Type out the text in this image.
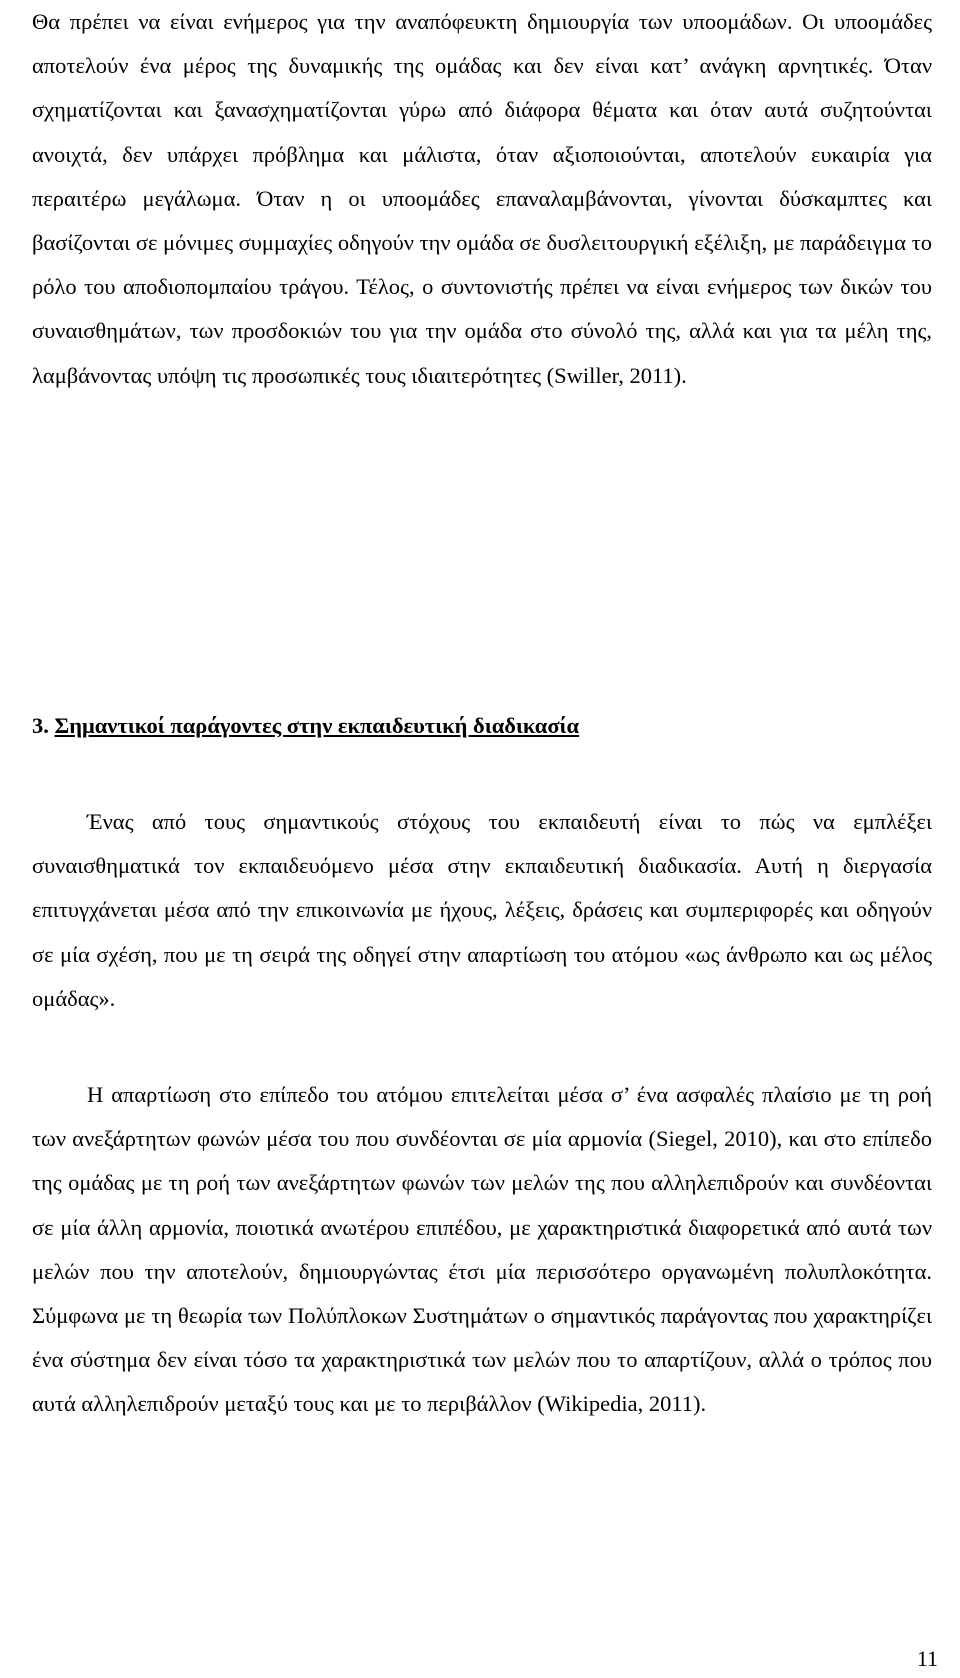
Θα πρέπει να είναι ενήμερος για την αναπόφευκτη δημιουργία των υποομάδων. Οι υποομάδες αποτελούν ένα μέρος της δυναμικής της ομάδας και δεν είναι κατ’ ανάγκη αρνητικές. Όταν σχηματίζονται και ξανασχηματίζονται γύρω από διάφορα θέματα και όταν αυτά συζητούνται ανοιχτά, δεν υπάρχει πρόβλημα και μάλιστα, όταν αξιοποιούνται, αποτελούν ευκαιρία για περαιτέρω μεγάλωμα. Όταν η οι υποομάδες επαναλαμβάνονται, γίνονται δύσκαμπτες και βασίζονται σε μόνιμες συμμαχίες οδηγούν την ομάδα σε δυσλειτουργική εξέλιξη, με παράδειγμα το ρόλο του αποδιοπομπαίου τράγου. Τέλος, ο συντονιστής πρέπει να είναι ενήμερος των δικών του συναισθημάτων, των προσδοκιών του για την ομάδα στο σύνολό της, αλλά και για τα μέλη της, λαμβάνοντας υπόψη τις προσωπικές τους ιδιαιτερότητες (Swiller, 2011).

3. Σημαντικοί παράγοντες στην εκπαιδευτική διαδικασία

Ένας από τους σημαντικούς στόχους του εκπαιδευτή είναι το πώς να εμπλέξει συναισθηματικά τον εκπαιδευόμενο μέσα στην εκπαιδευτική διαδικασία. Αυτή η διεργασία επιτυγχάνεται μέσα από την επικοινωνία με ήχους, λέξεις, δράσεις και συμπεριφορές και οδηγούν σε μία σχέση, που με τη σειρά της οδηγεί στην απαρτίωση του ατόμου «ως άνθρωπο και ως μέλος ομάδας».

Η απαρτίωση στο επίπεδο του ατόμου επιτελείται μέσα σ’ ένα ασφαλές πλαίσιο με τη ροή των ανεξάρτητων φωνών μέσα του που συνδέονται σε μία αρμονία (Siegel, 2010), και στο επίπεδο της ομάδας με τη ροή των ανεξάρτητων φωνών των μελών της που αλληλεπιδρούν και συνδέονται σε μία άλλη αρμονία, ποιοτικά ανωτέρου επιπέδου, με χαρακτηριστικά διαφορετικά από αυτά των μελών που την αποτελούν, δημιουργώντας έτσι μία περισσότερο οργανωμένη πολυπλοκότητα. Σύμφωνα με τη θεωρία των Πολύπλοκων Συστημάτων ο σημαντικός παράγοντας που χαρακτηρίζει ένα σύστημα δεν είναι τόσο τα χαρακτηριστικά των μελών που το απαρτίζουν, αλλά ο τρόπος που αυτά αλληλεπιδρούν μεταξύ τους και με το περιβάλλον (Wikipedia, 2011).

11
